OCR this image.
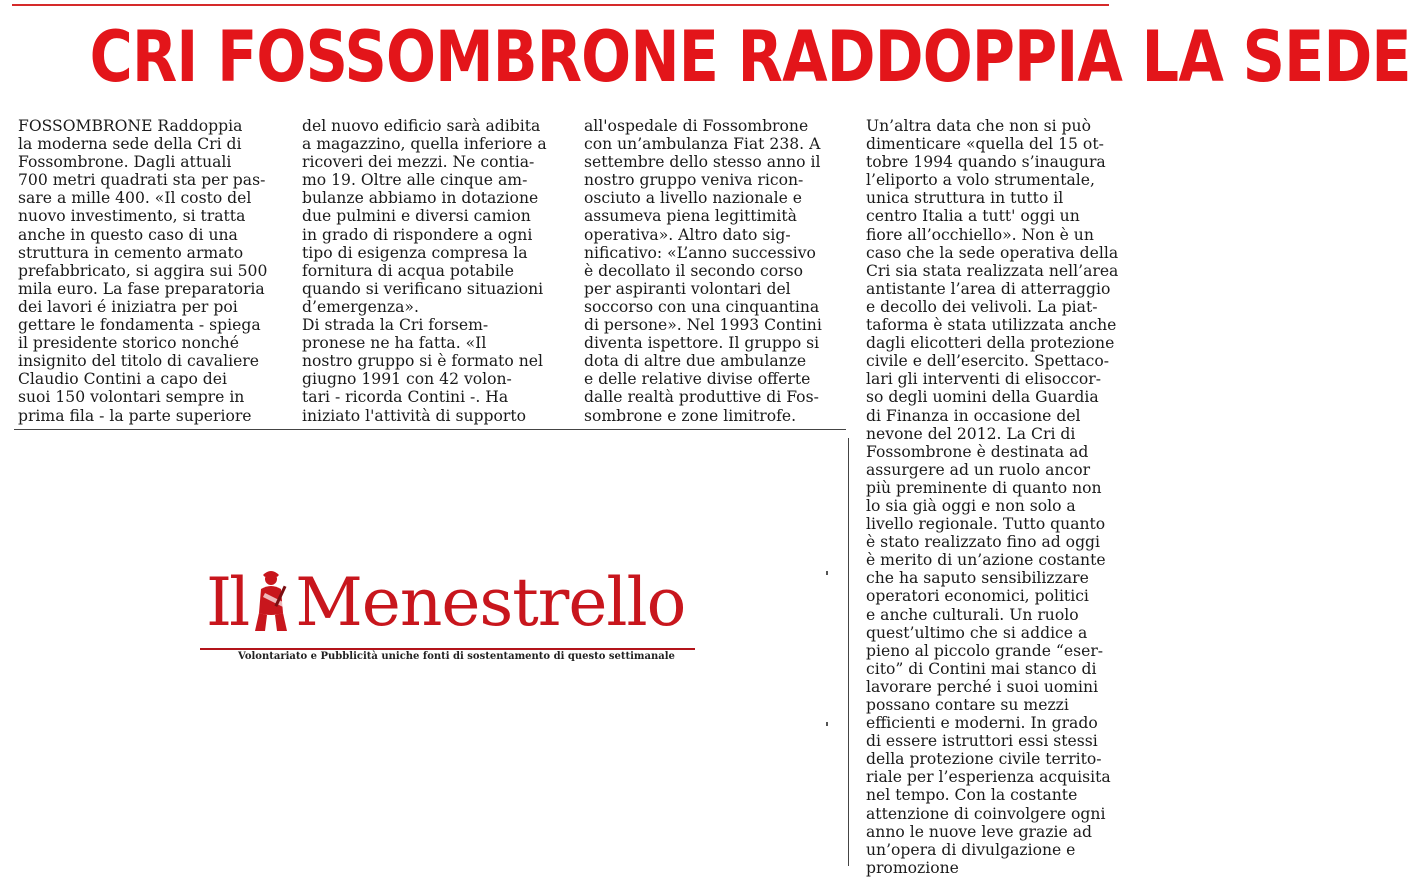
CRI FOSSOMBRONE RADDOPPIA LA SEDE
FOSSOMBRONE Raddoppia
la moderna sede della Cri di
Fossombrone. Dagli attuali
700 metri quadrati sta per pas-
sare a mille 400. «Il costo del
nuovo investimento, si tratta
anche in questo caso di una
struttura in cemento armato
prefabbricato, si aggira sui 500
mila euro. La fase preparatoria
dei lavori é iniziatra per poi
gettare le fondamenta - spiega
il presidente storico nonché
insignito del titolo di cavaliere
Claudio Contini a capo dei
suoi 150 volontari sempre in
prima fila - la parte superiore
del nuovo edificio sarà adibita
a magazzino, quella inferiore a
ricoveri dei mezzi. Ne contia-
mo 19. Oltre alle cinque am-
bulanze abbiamo in dotazione
due pulmini e diversi camion
in grado di rispondere a ogni
tipo di esigenza compresa la
fornitura di acqua potabile
quando si verificano situazioni
d’emergenza».
Di strada la Cri forsem-
pronese ne ha fatta. «Il
nostro gruppo si è formato nel
giugno 1991 con 42 volon-
tari - ricorda Contini -. Ha
iniziato l'attività di supporto
all'ospedale di Fossombrone
con un’ambulanza Fiat 238. A
settembre dello stesso anno il
nostro gruppo veniva ricon-
osciuto a livello nazionale e
assumeva piena legittimità
operativa». Altro dato sig-
nificativo: «L’anno successivo
è decollato il secondo corso
per aspiranti volontari del
soccorso con una cinquantina
di persone». Nel 1993 Contini
diventa ispettore. Il gruppo si
dota di altre due ambulanze
e delle relative divise offerte
dalle realtà produttive di Fos-
sombrone e zone limitrofe.
Un’altra data che non si può
dimenticare «quella del 15 ot-
tobre 1994 quando s’inaugura
l’eliporto a volo strumentale,
unica struttura in tutto il
centro Italia a tutt' oggi un
fiore all’occhiello». Non è un
caso che la sede operativa della
Cri sia stata realizzata nell’area
antistante l’area di atterraggio
e decollo dei velivoli. La piat-
taforma è stata utilizzata anche
dagli elicotteri della protezione
civile e dell’esercito. Spettaco-
lari gli interventi di elisoccor-
so degli uomini della Guardia
di Finanza in occasione del
nevone del 2012. La Cri di
Fossombrone è destinata ad
assurgere ad un ruolo ancor
più preminente di quanto non
lo sia già oggi e non solo a
livello regionale. Tutto quanto
è stato realizzato fino ad oggi
è merito di un’azione costante
che ha saputo sensibilizzare
operatori economici, politici
e anche culturali. Un ruolo
quest’ultimo che si addice a
pieno al piccolo grande “eser-
cito” di Contini mai stanco di
lavorare perché i suoi uomini
possano contare su mezzi
efficienti e moderni. In grado
di essere istruttori essi stessi
della protezione civile territo-
riale per l’esperienza acquisita
nel tempo. Con la costante
attenzione di coinvolgere ogni
anno le nuove leve grazie ad
un’opera di divulgazione e
promozione
Il Menestrello
Volontariato e Pubblicità uniche fonti di sostentamento di questo settimanale
